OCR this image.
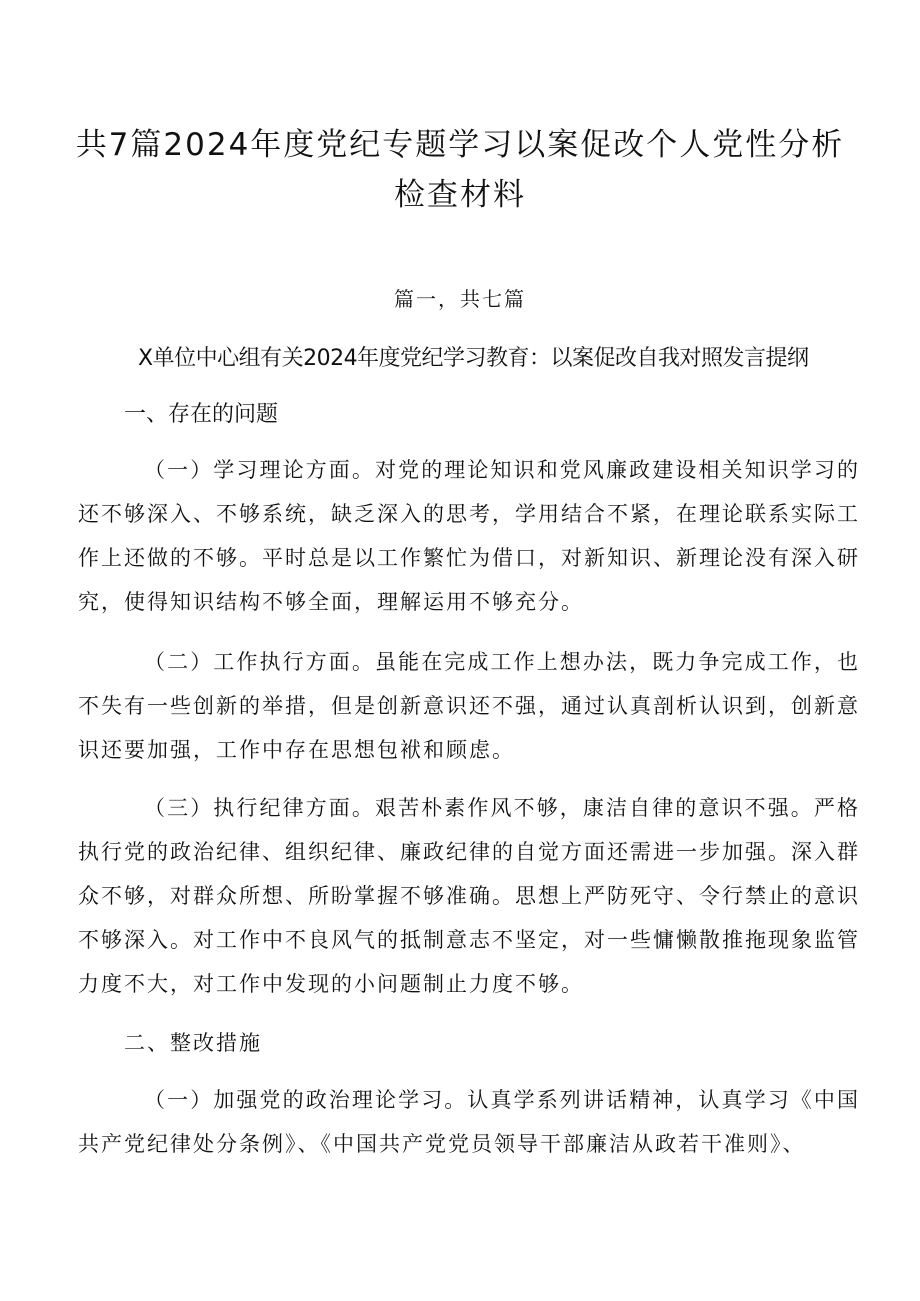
共7篇2024年度党纪专题学习以案促改个人党性分析检查材料
篇一，共七篇
X单位中心组有关2024年度党纪学习教育：以案促改自我对照发言提纲
一、存在的问题

（一）学习理论方面。对党的理论知识和党风廉政建设相关知识学习的还不够深入、不够系统，缺乏深入的思考，学用结合不紧，在理论联系实际工作上还做的不够。平时总是以工作繁忙为借口，对新知识、新理论没有深入研究，使得知识结构不够全面，理解运用不够充分。

（二）工作执行方面。虽能在完成工作上想办法，既力争完成工作，也不失有一些创新的举措，但是创新意识还不强，通过认真剖析认识到，创新意识还要加强，工作中存在思想包袱和顾虑。

（三）执行纪律方面。艰苦朴素作风不够，康洁自律的意识不强。严格执行党的政治纪律、组织纪律、廉政纪律的自觉方面还需进一步加强。深入群众不够，对群众所想、所盼掌握不够准确。思想上严防死守、令行禁止的意识不够深入。对工作中不良风气的抵制意志不坚定，对一些慵懒散推拖现象监管力度不大，对工作中发现的小问题制止力度不够。

二、整改措施

（一）加强党的政治理论学习。认真学系列讲话精神，认真学习《中国共产党纪律处分条例》、《中国共产党党员领导干部廉洁从政若干准则》、
